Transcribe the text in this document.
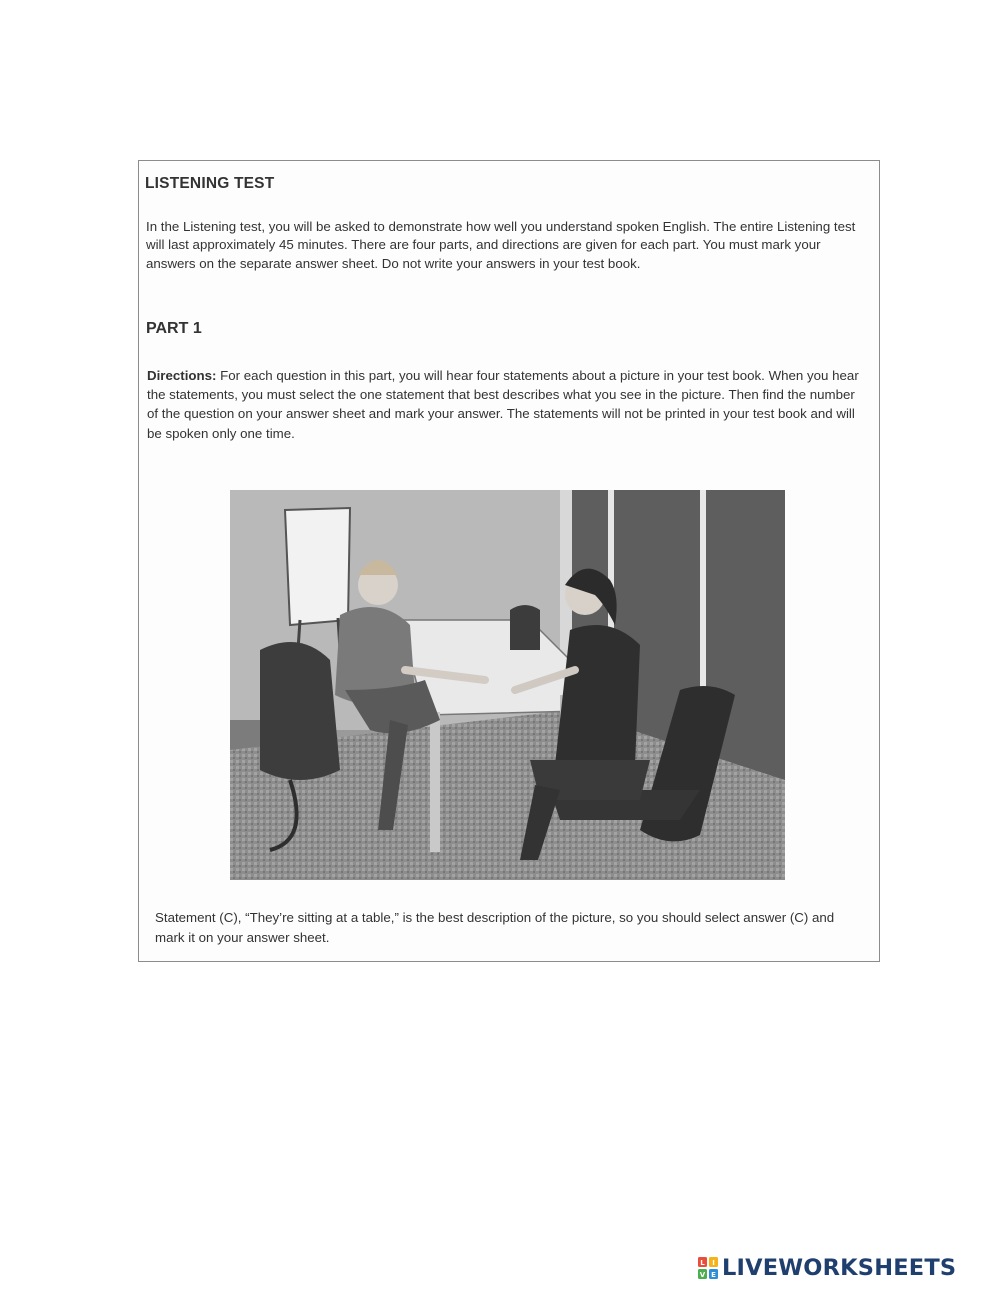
LISTENING TEST

In the Listening test, you will be asked to demonstrate how well you understand spoken English. The entire Listening test will last approximately 45 minutes. There are four parts, and directions are given for each part. You must mark your answers on the separate answer sheet. Do not write your answers in your test book.

PART 1

Directions: For each question in this part, you will hear four statements about a picture in your test book. When you hear the statements, you must select the one statement that best describes what you see in the picture. Then find the number of the question on your answer sheet and mark your answer. The statements will not be printed in your test book and will be spoken only one time.

Statement (C), “They’re sitting at a table,” is the best description of the picture, so you should select answer (C) and mark it on your answer sheet.

L I
V E LIVEWORKSHEETS
